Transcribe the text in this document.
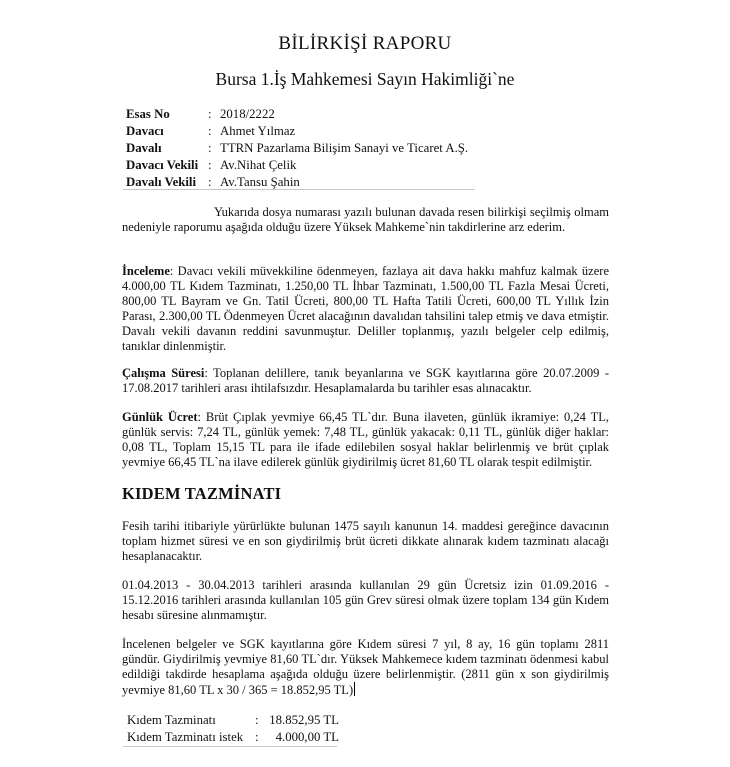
BİLİRKİŞİ RAPORU
Bursa 1.İş Mahkemesi Sayın Hakimliği`ne
Esas No	:	2018/2222
Davacı	:	Ahmet Yılmaz
Davalı	:	TTRN Pazarlama Bilişim Sanayi ve Ticaret A.Ş.
Davacı Vekili	:	Av.Nihat Çelik
Davalı Vekili	:	Av.Tansu Şahin

Yukarıda dosya numarası yazılı bulunan davada resen bilirkişi seçilmiş olmam nedeniyle raporumu aşağıda olduğu üzere Yüksek Mahkeme`nin takdirlerine arz ederim.

İnceleme: Davacı vekili müvekkiline ödenmeyen, fazlaya ait dava hakkı mahfuz kalmak üzere 4.000,00 TL Kıdem Tazminatı, 1.250,00 TL İhbar Tazminatı, 1.500,00 TL Fazla Mesai Ücreti, 800,00 TL Bayram ve Gn. Tatil Ücreti, 800,00 TL Hafta Tatili Ücreti, 600,00 TL Yıllık İzin Parası, 2.300,00 TL Ödenmeyen Ücret alacağının davalıdan tahsilini talep etmiş ve dava etmiştir. Davalı vekili davanın reddini savunmuştur. Deliller toplanmış, yazılı belgeler celp edilmiş, tanıklar dinlenmiştir.

Çalışma Süresi: Toplanan delillere, tanık beyanlarına ve SGK kayıtlarına göre 20.07.2009 - 17.08.2017 tarihleri arası ihtilafsızdır. Hesaplamalarda bu tarihler esas alınacaktır.

Günlük Ücret: Brüt Çıplak yevmiye 66,45 TL`dır. Buna ilaveten, günlük ikramiye: 0,24 TL, günlük servis: 7,24 TL, günlük yemek: 7,48 TL, günlük yakacak: 0,11 TL, günlük diğer haklar: 0,08 TL, Toplam 15,15 TL para ile ifade edilebilen sosyal haklar belirlenmiş ve brüt çıplak yevmiye 66,45 TL`na ilave edilerek günlük giydirilmiş ücret 81,60 TL olarak tespit edilmiştir.

KIDEM TAZMİNATI

Fesih tarihi itibariyle yürürlükte bulunan 1475 sayılı kanunun 14. maddesi gereğince davacının toplam hizmet süresi ve en son giydirilmiş brüt ücreti dikkate alınarak kıdem tazminatı alacağı hesaplanacaktır.

01.04.2013 - 30.04.2013 tarihleri arasında kullanılan 29 gün Ücretsiz izin 01.09.2016 - 15.12.2016 tarihleri arasında kullanılan 105 gün Grev süresi olmak üzere toplam 134 gün Kıdem hesabı süresine alınmamıştır.

İncelenen belgeler ve SGK kayıtlarına göre Kıdem süresi 7 yıl, 8 ay, 16 gün toplamı 2811 gündür. Giydirilmiş yevmiye 81,60 TL`dır. Yüksek Mahkemece kıdem tazminatı ödenmesi kabul edildiği takdirde hesaplama aşağıda olduğu üzere belirlenmiştir. (2811 gün x son giydirilmiş yevmiye 81,60 TL x 30 / 365 = 18.852,95 TL)

Kıdem Tazminatı	:	18.852,95 TL
Kıdem Tazminatı istek	:	4.000,00 TL
